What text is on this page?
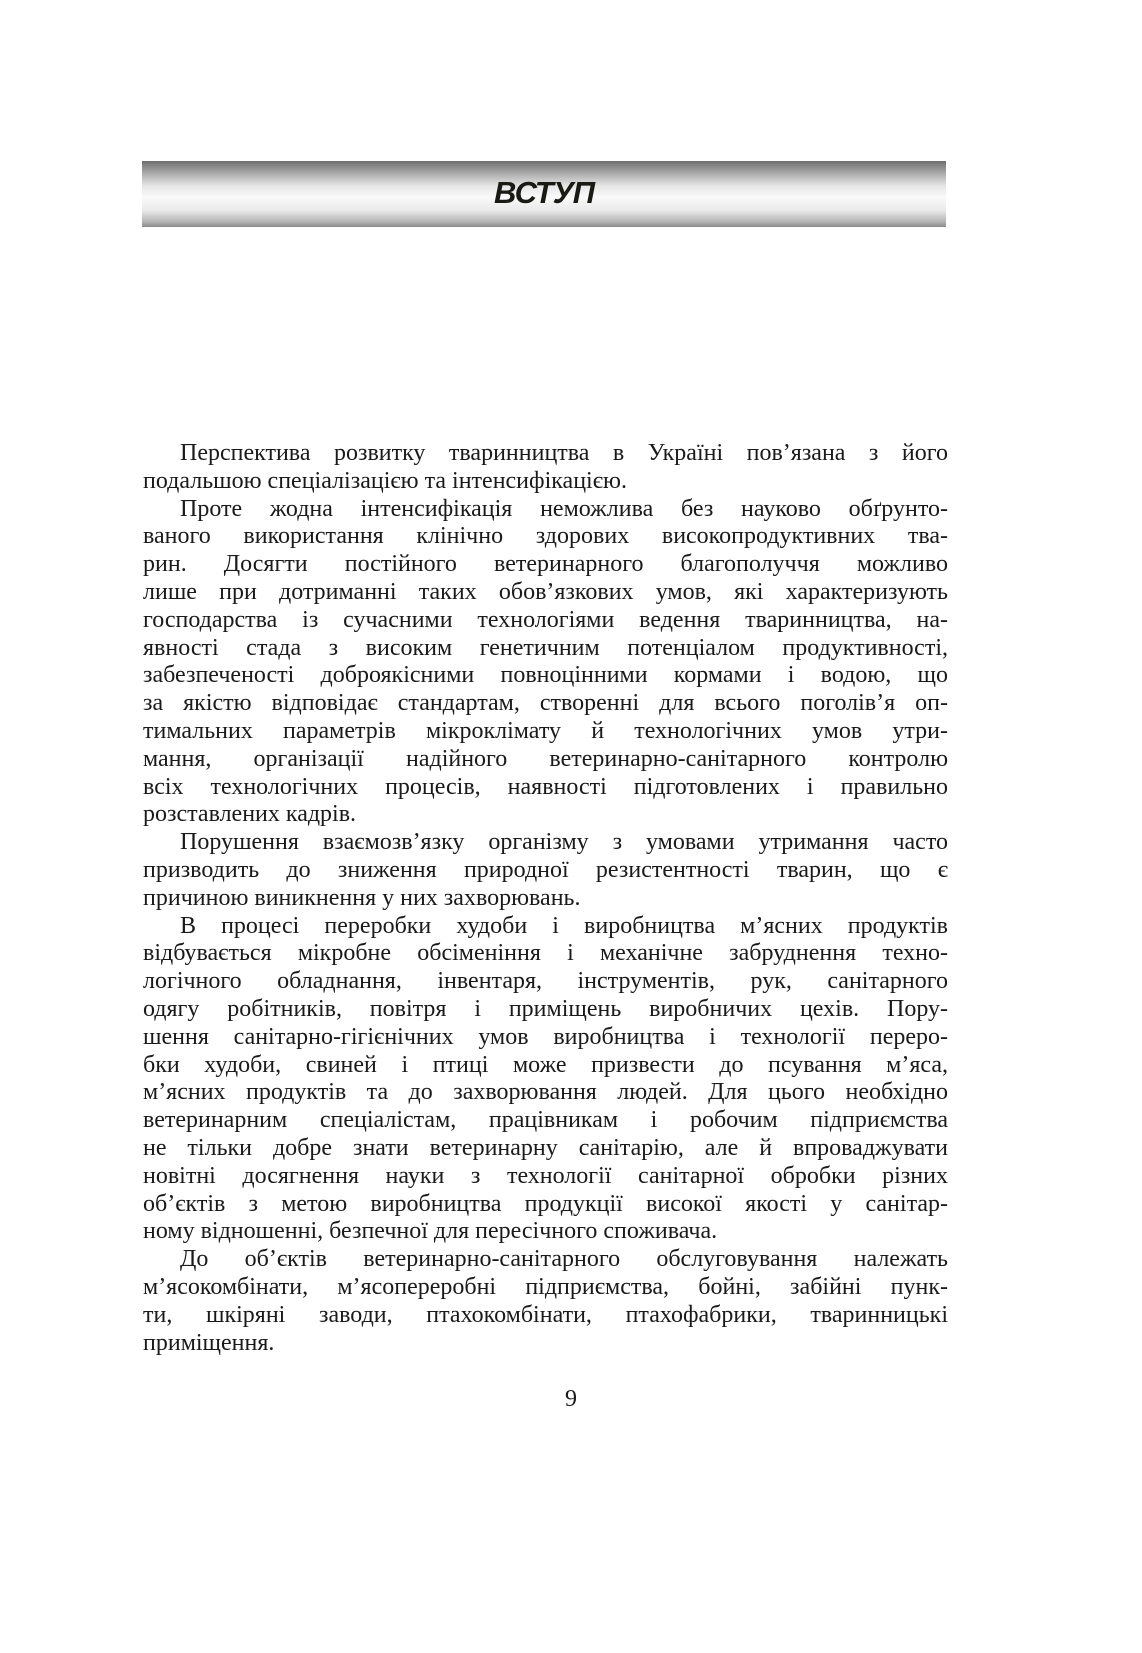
ВСТУП
Перспектива розвитку тваринництва в Україні пов’язана з його
подальшою спеціалізацією та інтенсифікацією.
Проте жодна інтенсифікація неможлива без науково обґрунто-
ваного використання клінічно здорових високопродуктивних тва-
рин. Досягти постійного ветеринарного благополуччя можливо
лише при дотриманні таких обов’язкових умов, які характеризують
господарства із сучасними технологіями ведення тваринництва, на-
явності стада з високим генетичним потенціалом продуктивності,
забезпеченості доброякісними повноцінними кормами і водою, що
за якістю відповідає стандартам, створенні для всього поголів’я оп-
тимальних параметрів мікроклімату й технологічних умов утри-
мання, організації надійного ветеринарно-санітарного контролю
всіх технологічних процесів, наявності підготовлених і правильно
розставлених кадрів.
Порушення взаємозв’язку організму з умовами утримання часто
призводить до зниження природної резистентності тварин, що є
причиною виникнення у них захворювань.
В процесі переробки худоби і виробництва м’ясних продуктів
відбувається мікробне обсіменіння і механічне забруднення техно-
логічного обладнання, інвентаря, інструментів, рук, санітарного
одягу робітників, повітря і приміщень виробничих цехів. Пору-
шення санітарно-гігієнічних умов виробництва і технології переро-
бки худоби, свиней і птиці може призвести до псування м’яса,
м’ясних продуктів та до захворювання людей. Для цього необхідно
ветеринарним спеціалістам, працівникам і робочим підприємства
не тільки добре знати ветеринарну санітарію, але й впроваджувати
новітні досягнення науки з технології санітарної обробки різних
об’єктів з метою виробництва продукції високої якості у санітар-
ному відношенні, безпечної для пересічного споживача.
До об’єктів ветеринарно-санітарного обслуговування належать
м’ясокомбінати, м’ясопереробні підприємства, бойні, забійні пунк-
ти, шкіряні заводи, птахокомбінати, птахофабрики, тваринницькі
приміщення.
9
